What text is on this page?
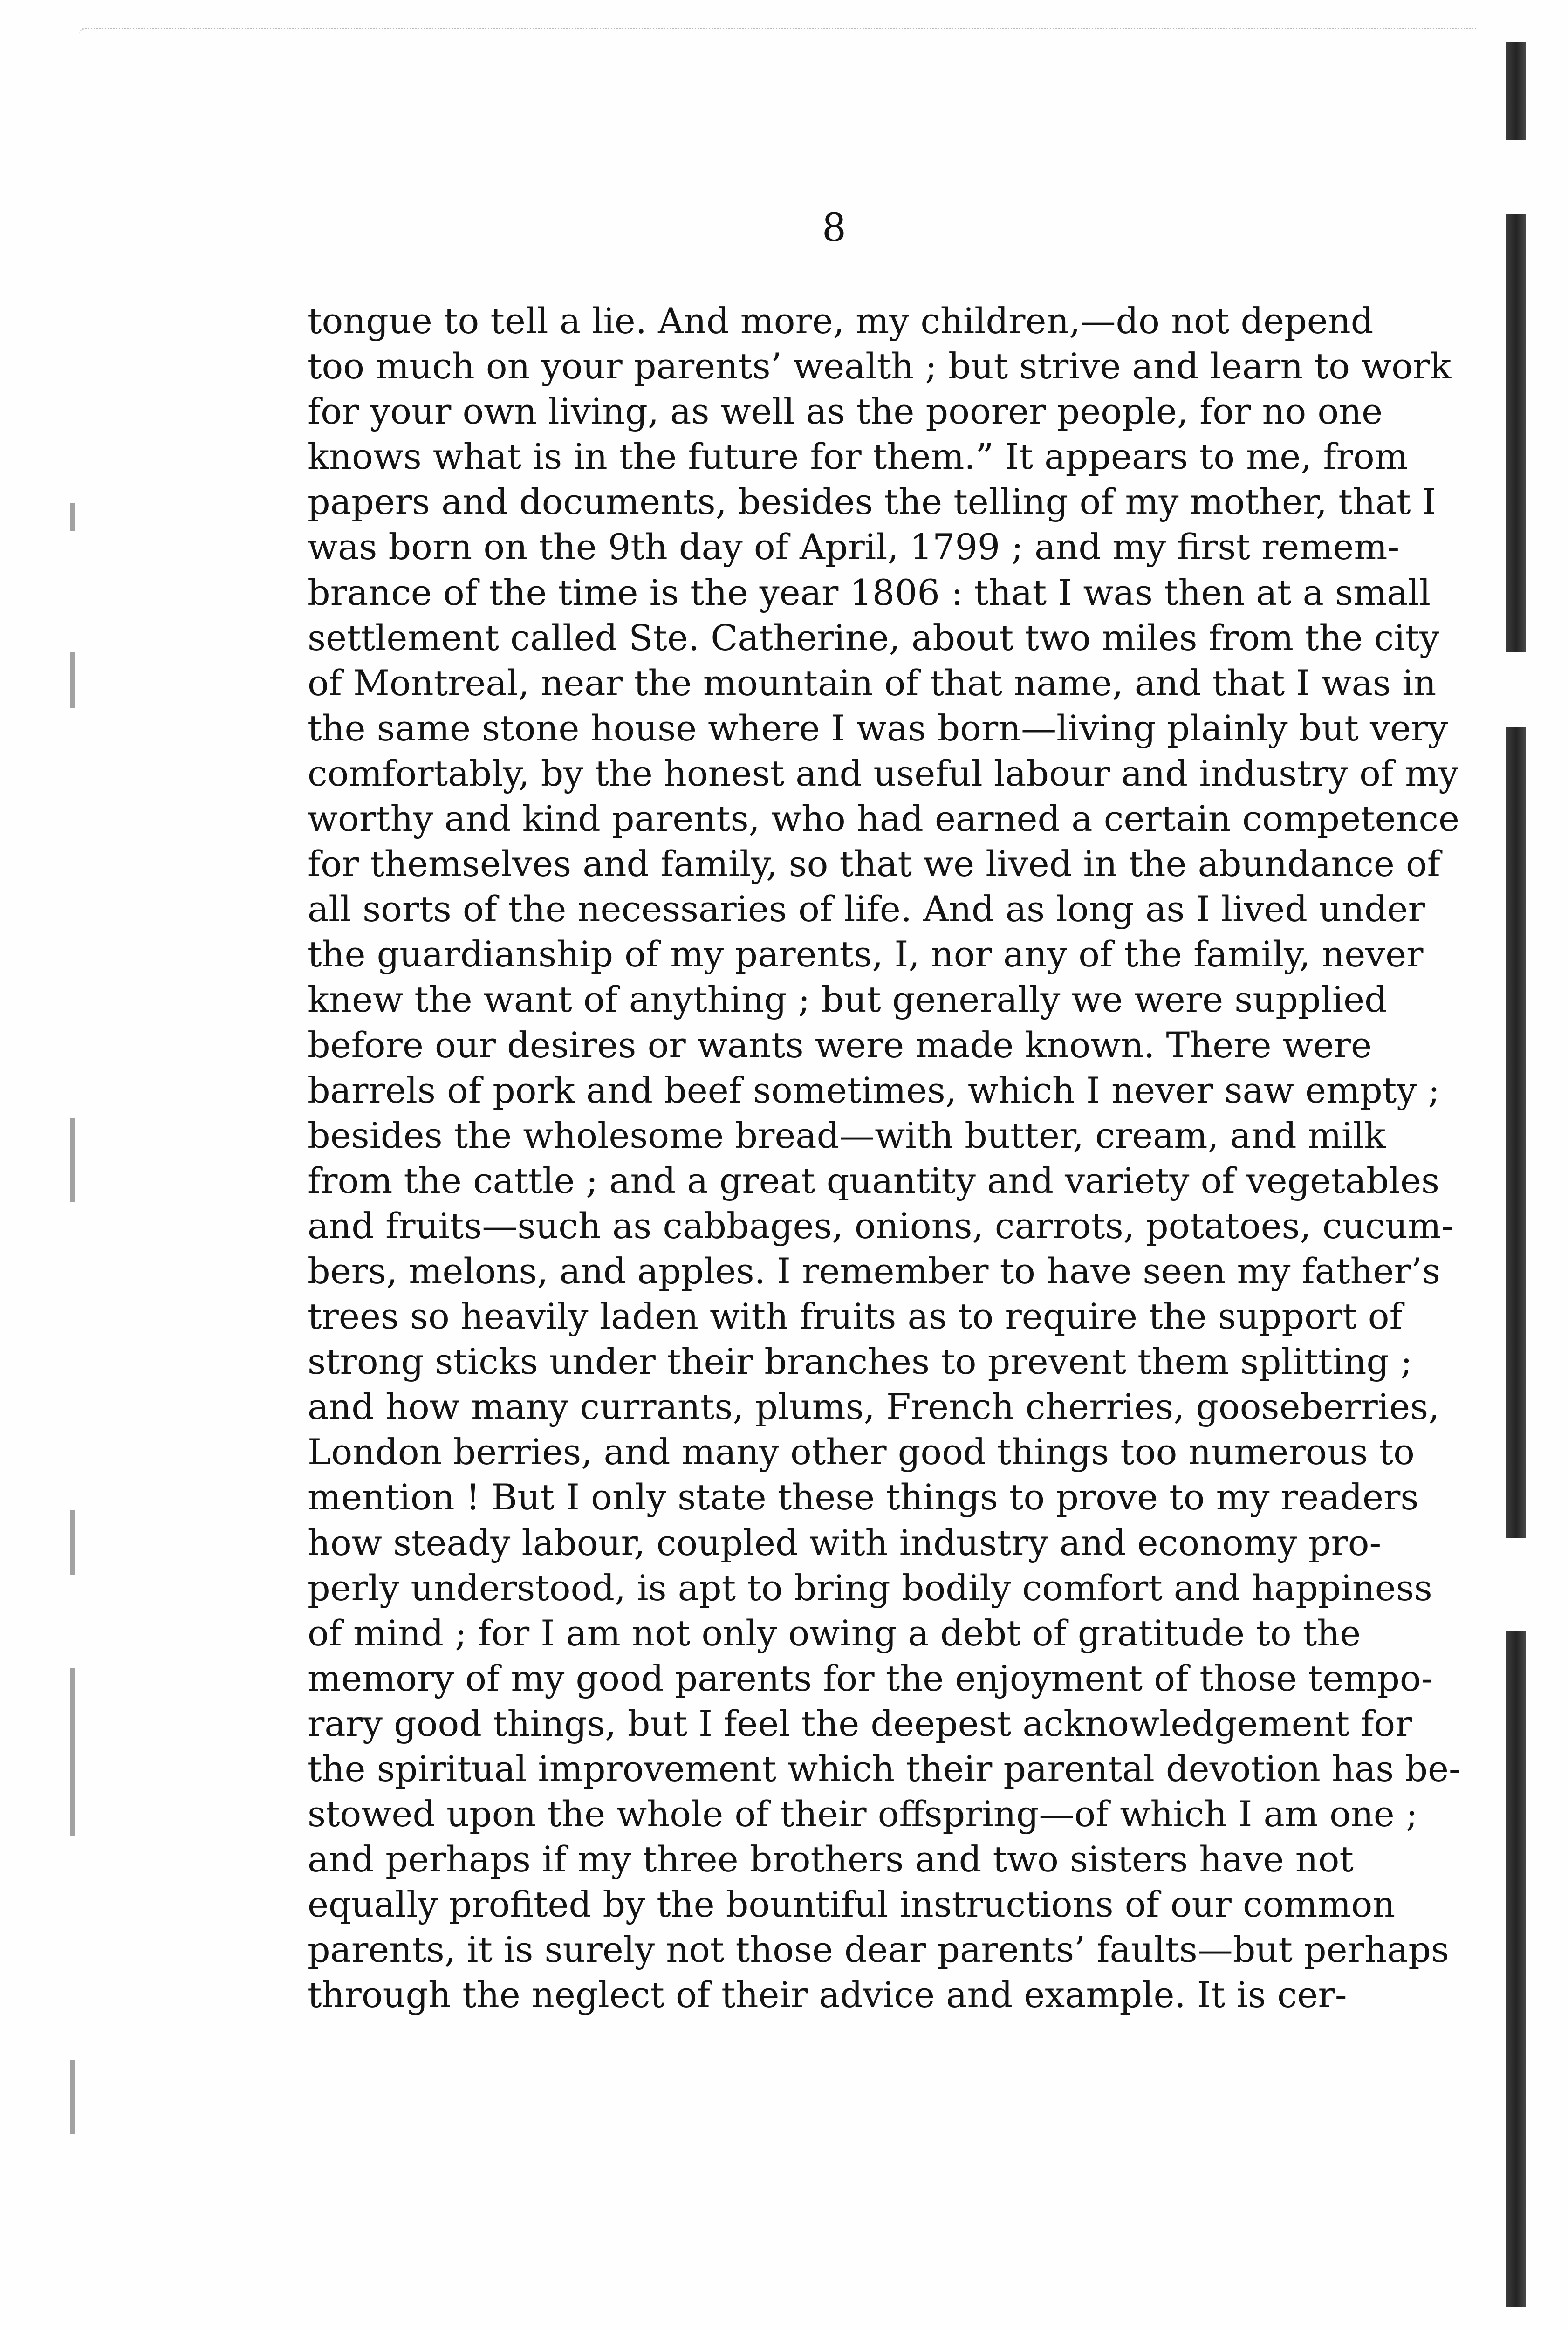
8
tongue to tell a lie. And more, my children,—do not depend
too much on your parents’ wealth ; but strive and learn to work
for your own living, as well as the poorer people, for no one
knows what is in the future for them.” It appears to me, from
papers and documents, besides the telling of my mother, that I
was born on the 9th day of April, 1799 ; and my first remem-
brance of the time is the year 1806 : that I was then at a small
settlement called Ste. Catherine, about two miles from the city
of Montreal, near the mountain of that name, and that I was in
the same stone house where I was born—living plainly but very
comfortably, by the honest and useful labour and industry of my
worthy and kind parents, who had earned a certain competence
for themselves and family, so that we lived in the abundance of
all sorts of the necessaries of life. And as long as I lived under
the guardianship of my parents, I, nor any of the family, never
knew the want of anything ; but generally we were supplied
before our desires or wants were made known. There were
barrels of pork and beef sometimes, which I never saw empty ;
besides the wholesome bread—with butter, cream, and milk
from the cattle ; and a great quantity and variety of vegetables
and fruits—such as cabbages, onions, carrots, potatoes, cucum-
bers, melons, and apples. I remember to have seen my father’s
trees so heavily laden with fruits as to require the support of
strong sticks under their branches to prevent them splitting ;
and how many currants, plums, French cherries, gooseberries,
London berries, and many other good things too numerous to
mention ! But I only state these things to prove to my readers
how steady labour, coupled with industry and economy pro-
perly understood, is apt to bring bodily comfort and happiness
of mind ; for I am not only owing a debt of gratitude to the
memory of my good parents for the enjoyment of those tempo-
rary good things, but I feel the deepest acknowledgement for
the spiritual improvement which their parental devotion has be-
stowed upon the whole of their offspring—of which I am one ;
and perhaps if my three brothers and two sisters have not
equally profited by the bountiful instructions of our common
parents, it is surely not those dear parents’ faults—but perhaps
through the neglect of their advice and example. It is cer-
